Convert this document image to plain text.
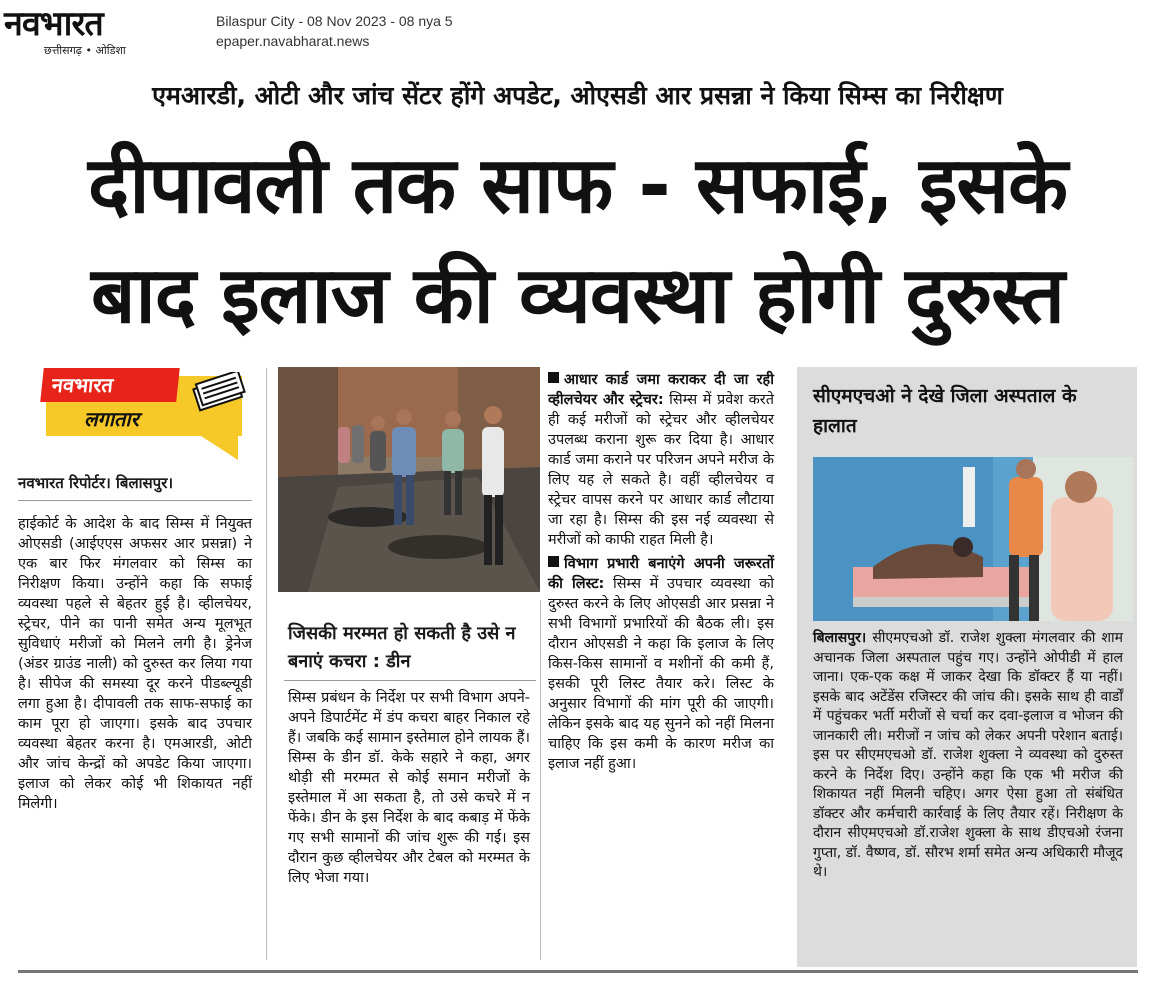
नवभारत
छत्तीसगढ़ • ओडिशा
Bilaspur City - 08 Nov 2023 - 08 nya 5
epaper.navabharat.news
एमआरडी, ओटी और जांच सेंटर होंगे अपडेट, ओएसडी आर प्रसन्ना ने किया सिम्स का निरीक्षण
दीपावली तक साफ - सफाई, इसके
बाद इलाज की व्यवस्था होगी दुरुस्त
नवभारत
लगातार
नवभारत रिपोर्टर। बिलासपुर।

हाईकोर्ट के आदेश के बाद सिम्स में नियुक्त ओएसडी (आईएएस अफसर आर प्रसन्ना) ने एक बार फिर मंगलवार को सिम्स का निरीक्षण किया। उन्होंने कहा कि सफाई व्यवस्था पहले से बेहतर हुई है। व्हीलचेयर, स्ट्रेचर, पीने का पानी समेत अन्य मूलभूत सुविधाएं मरीजों को मिलने लगी है। ड्रेनेज (अंडर ग्राउंड नाली) को दुरुस्त कर लिया गया है। सीपेज की समस्या दूर करने पीडब्ल्यूडी लगा हुआ है। दीपावली तक साफ-सफाई का काम पूरा हो जाएगा। इसके बाद उपचार व्यवस्था बेहतर करना है। एमआरडी, ओटी और जांच केन्द्रों को अपडेट किया जाएगा। इलाज को लेकर कोई भी शिकायत नहीं मिलेगी।

जिसकी मरम्मत हो सकती है उसे न बनाएं कचरा : डीन

सिम्स प्रबंधन के निर्देश पर सभी विभाग अपने-अपने डिपार्टमेंट में डंप कचरा बाहर निकाल रहे हैं। जबकि कई सामान इस्तेमाल होने लायक हैं। सिम्स के डीन डॉ. केके सहारे ने कहा, अगर थोड़ी सी मरम्मत से कोई समान मरीजों के इस्तेमाल में आ सकता है, तो उसे कचरे में न फेंके। डीन के इस निर्देश के बाद कबाड़ में फेंके गए सभी सामानों की जांच शुरू की गई। इस दौरान कुछ व्हीलचेयर और टेबल को मरम्मत के लिए भेजा गया।

आधार कार्ड जमा कराकर दी जा रही व्हीलचेयर और स्ट्रेचर: सिम्स में प्रवेश करते ही कई मरीजों को स्ट्रेचर और व्हीलचेयर उपलब्ध कराना शुरू कर दिया है। आधार कार्ड जमा कराने पर परिजन अपने मरीज के लिए यह ले सकते है। वहीं व्हीलचेयर व स्ट्रेचर वापस करने पर आधार कार्ड लौटाया जा रहा है। सिम्स की इस नई व्यवस्था से मरीजों को काफी राहत मिली है।

विभाग प्रभारी बनाएंगे अपनी जरूरतों की लिस्ट: सिम्स में उपचार व्यवस्था को दुरुस्त करने के लिए ओएसडी आर प्रसन्ना ने सभी विभागों प्रभारियों की बैठक ली। इस दौरान ओएसडी ने कहा कि इलाज के लिए किस-किस सामानों व मशीनों की कमी हैं, इसकी पूरी लिस्ट तैयार करे। लिस्ट के अनुसार विभागों की मांग पूरी की जाएगी। लेकिन इसके बाद यह सुनने को नहीं मिलना चाहिए कि इस कमी के कारण मरीज का इलाज नहीं हुआ।

सीएमएचओ ने देखे जिला अस्पताल के हालात

बिलासपुर। सीएमएचओ डॉ. राजेश शुक्ला मंगलवार की शाम अचानक जिला अस्पताल पहुंच गए। उन्होंने ओपीडी में हाल जाना। एक-एक कक्ष में जाकर देखा कि डॉक्टर हैं या नहीं। इसके बाद अटेंडेंस रजिस्टर की जांच की। इसके साथ ही वार्डों में पहुंचकर भर्ती मरीजों से चर्चा कर दवा-इलाज व भोजन की जानकारी ली। मरीजों न जांच को लेकर अपनी परेशान बताई। इस पर सीएमएचओ डॉ. राजेश शुक्ला ने व्यवस्था को दुरुस्त करने के निर्देश दिए। उन्होंने कहा कि एक भी मरीज की शिकायत नहीं मिलनी चहिए। अगर ऐसा हुआ तो संबंधित डॉक्टर और कर्मचारी कार्रवाई के लिए तैयार रहें। निरीक्षण के दौरान सीएमएचओ डॉ.राजेश शुक्ला के साथ डीएचओ रंजना गुप्ता, डॉ. वैष्णव, डॉ. सौरभ शर्मा समेत अन्य अधिकारी मौजूद थे।
